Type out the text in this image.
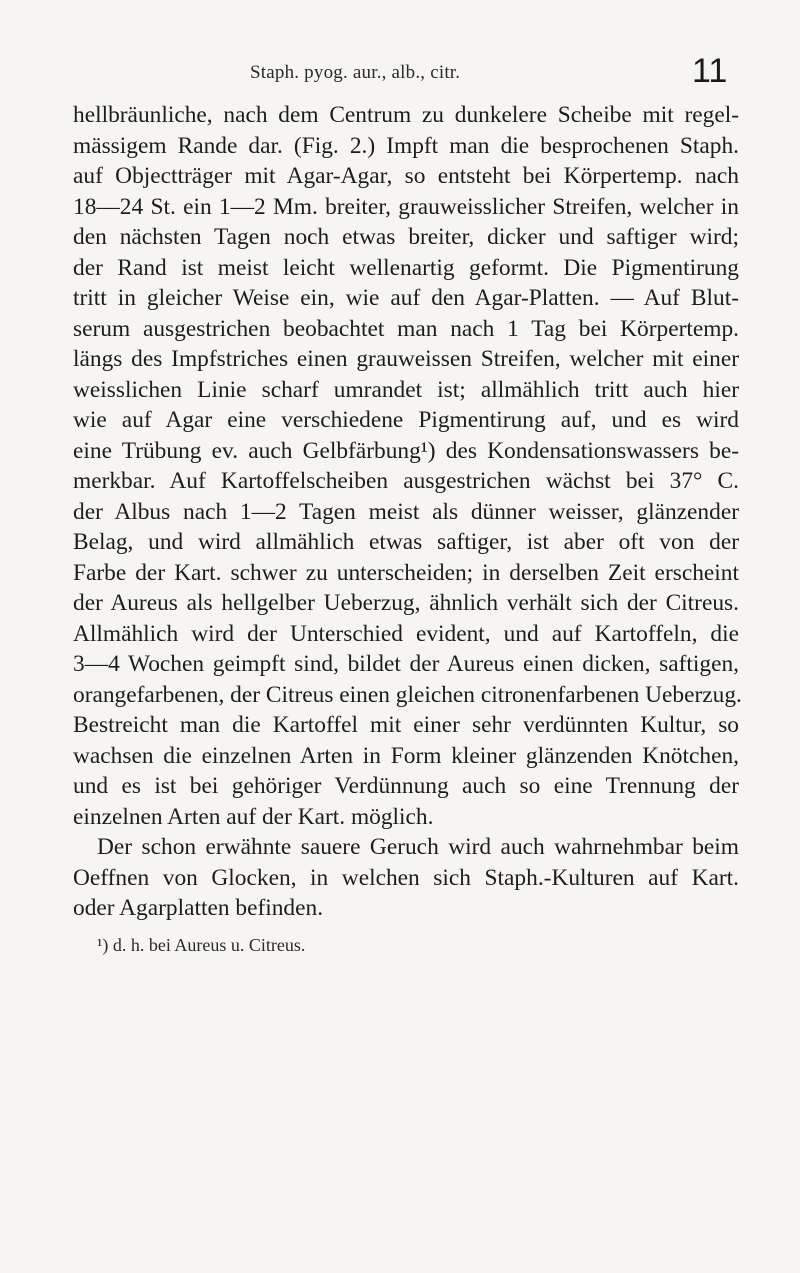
Staph. pyog. aur., alb., citr.	11
hellbräunliche, nach dem Centrum zu dunkelere Scheibe mit regel-
mässigem Rande dar. (Fig. 2.) Impft man die besprochenen Staph.
auf Objectträger mit Agar-Agar, so entsteht bei Körpertemp. nach
18—24 St. ein 1—2 Mm. breiter, grauweisslicher Streifen, welcher in
den nächsten Tagen noch etwas breiter, dicker und saftiger wird;
der Rand ist meist leicht wellenartig geformt. Die Pigmentirung
tritt in gleicher Weise ein, wie auf den Agar-Platten. — Auf Blut-
serum ausgestrichen beobachtet man nach 1 Tag bei Körpertemp.
längs des Impfstriches einen grauweissen Streifen, welcher mit einer
weisslichen Linie scharf umrandet ist; allmählich tritt auch hier
wie auf Agar eine verschiedene Pigmentirung auf, und es wird
eine Trübung ev. auch Gelbfärbung¹) des Kondensationswassers be-
merkbar. Auf Kartoffelscheiben ausgestrichen wächst bei 37° C.
der Albus nach 1—2 Tagen meist als dünner weisser, glänzender
Belag, und wird allmählich etwas saftiger, ist aber oft von der
Farbe der Kart. schwer zu unterscheiden; in derselben Zeit erscheint
der Aureus als hellgelber Ueberzug, ähnlich verhält sich der Citreus.
Allmählich wird der Unterschied evident, und auf Kartoffeln, die
3—4 Wochen geimpft sind, bildet der Aureus einen dicken, saftigen,
orangefarbenen, der Citreus einen gleichen citronenfarbenen Ueberzug.
Bestreicht man die Kartoffel mit einer sehr verdünnten Kultur, so
wachsen die einzelnen Arten in Form kleiner glänzenden Knötchen,
und es ist bei gehöriger Verdünnung auch so eine Trennung der
einzelnen Arten auf der Kart. möglich.
Der schon erwähnte sauere Geruch wird auch wahrnehmbar beim
Oeffnen von Glocken, in welchen sich Staph.-Kulturen auf Kart.
oder Agarplatten befinden.
¹) d. h. bei Aureus u. Citreus.
